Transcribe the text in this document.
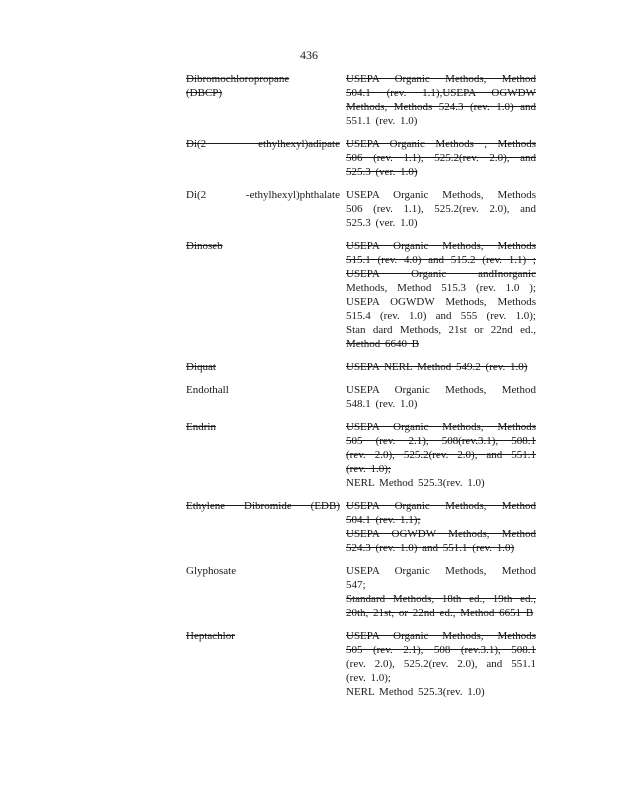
436
Dibromochloropropane
(DBCP)
USEPA Organic Methods, Method
504.1 (rev. 1.1),USEPA OGWDW
Methods, Methods 524.3 (rev. 1.0) and
551.1 (rev. 1.0)
Di(2 ethylhexyl)adipate USEPA Organic Methods , Methods
506 (rev. 1.1), 525.2(rev. 2.0), and
525.3 (ver. 1.0)
Di(2 -ethylhexyl)phthalate USEPA Organic Methods, Methods
506 (rev. 1.1), 525.2(rev. 2.0), and
525.3 (ver. 1.0)
Dinoseb	USEPA Organic Methods, Methods
515.1 (rev. 4.0) and 515.2 (rev. 1.1) ;
USEPA Organic andInorganic
Methods, Method 515.3 (rev. 1.0 );
USEPA OGWDW Methods, Methods
515.4 (rev. 1.0) and 555 (rev. 1.0);
Stan dard Methods, 21st or 22nd ed.,
Method 6640 B
Diquat	USEPA NERL Method 549.2 (rev. 1.0)
Endothall	USEPA Organic Methods, Method
548.1 (rev. 1.0)
Endrin	USEPA Organic Methods, Methods
505 (rev. 2.1), 508(rev.3.1), 508.1
(rev. 2.0), 525.2(rev. 2.0), and 551.1
(rev. 1.0);
NERL Method 525.3(rev. 1.0)
Ethylene Dibromide (EDB) USEPA Organic Methods, Method
504.1 (rev. 1.1);
USEPA OGWDW Methods, Method
524.3 (rev. 1.0) and 551.1 (rev. 1.0)
Glyphosate	USEPA Organic Methods, Method
547;
Standard Methods, 18th ed., 19th ed.,
20th, 21st, or 22nd ed., Method 6651 B
Heptachlor	USEPA Organic Methods, Methods
505 (rev. 2.1), 508 (rev.3.1), 508.1
(rev. 2.0), 525.2(rev. 2.0), and 551.1
(rev. 1.0);
NERL Method 525.3(rev. 1.0)
